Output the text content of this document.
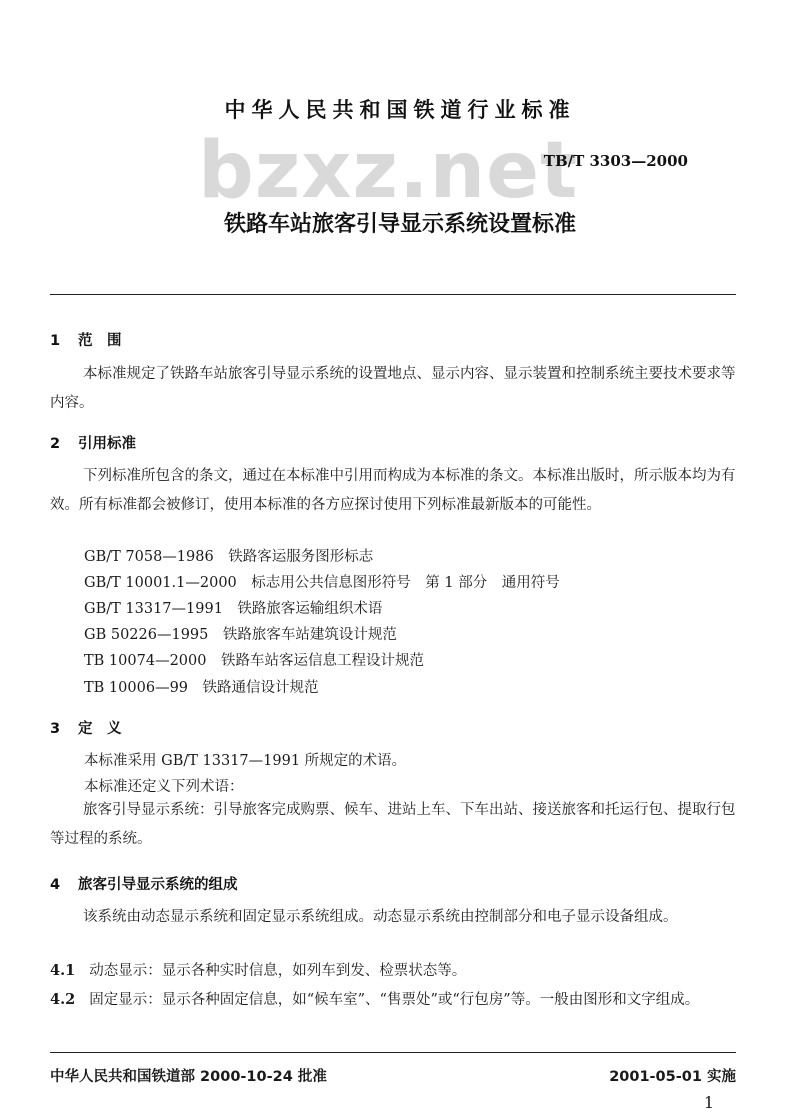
中华人民共和国铁道行业标准
bzxz.net
TB/T 3303—2000
铁路车站旅客引导显示系统设置标准
1 范　围
本标准规定了铁路车站旅客引导显示系统的设置地点、显示内容、显示装置和控制系统主要技术要求等内容。
2 引用标准
下列标准所包含的条文，通过在本标准中引用而构成为本标准的条文。本标准出版时，所示版本均为有效。所有标准都会被修订，使用本标准的各方应探讨使用下列标准最新版本的可能性。
GB/T 7058—1986　铁路客运服务图形标志
GB/T 10001.1—2000　标志用公共信息图形符号　第 1 部分　通用符号
GB/T 13317—1991　铁路旅客运输组织术语
GB 50226—1995　铁路旅客车站建筑设计规范
TB 10074—2000　铁路车站客运信息工程设计规范
TB 10006—99　铁路通信设计规范
3 定　义
本标准采用 GB/T 13317—1991 所规定的术语。
本标准还定义下列术语：
旅客引导显示系统：引导旅客完成购票、候车、进站上车、下车出站、接送旅客和托运行包、提取行包等过程的系统。
4 旅客引导显示系统的组成
该系统由动态显示系统和固定显示系统组成。动态显示系统由控制部分和电子显示设备组成。
4.1 动态显示：显示各种实时信息，如列车到发、检票状态等。
4.2 固定显示：显示各种固定信息，如“候车室”、“售票处”或“行包房”等。一般由图形和文字组成。
中华人民共和国铁道部 2000-10-24 批准	2001-05-01 实施
1
